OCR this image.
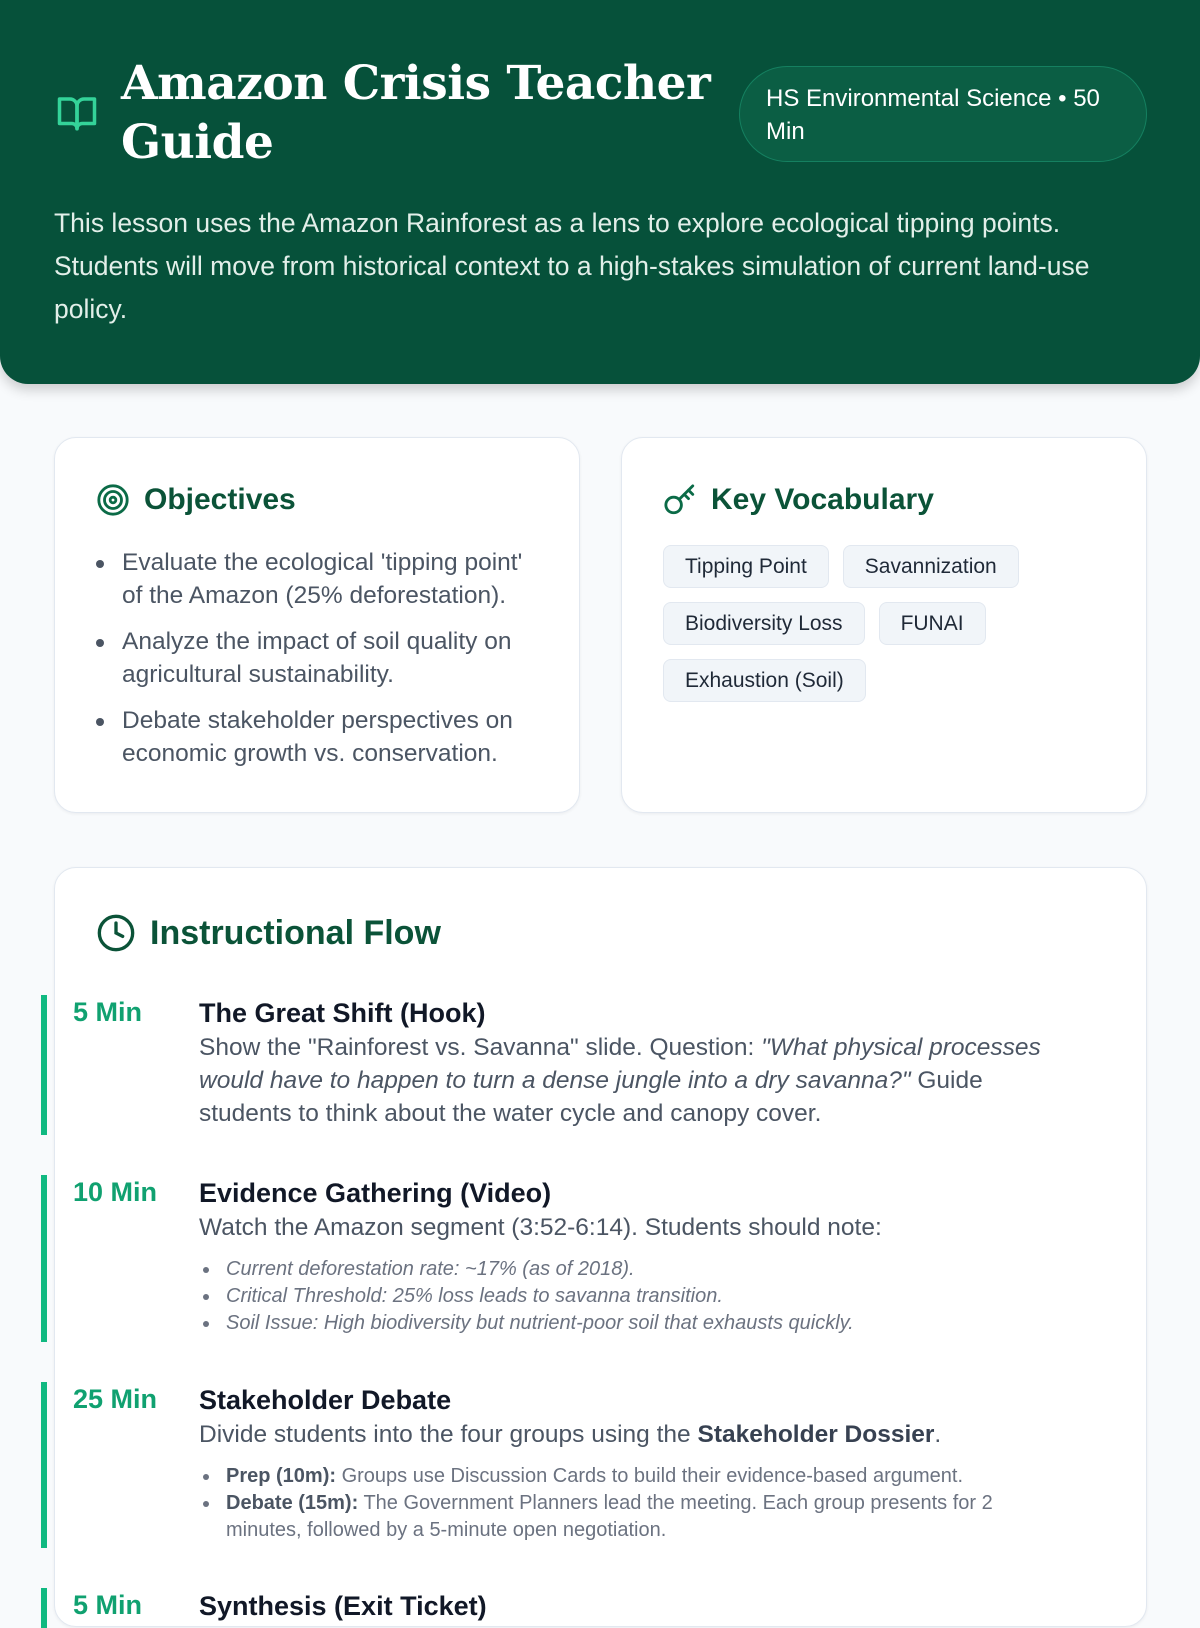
Amazon Crisis Teacher Guide
HS Environmental Science • 50 Min

This lesson uses the Amazon Rainforest as a lens to explore ecological tipping points. Students will move from historical context to a high-stakes simulation of current land-use policy.

Objectives
Evaluate the ecological 'tipping point' of the Amazon (25% deforestation).
Analyze the impact of soil quality on agricultural sustainability.
Debate stakeholder perspectives on economic growth vs. conservation.
Key Vocabulary
Tipping Point	Savannization
Biodiversity Loss	FUNAI
Exhaustion (Soil)
Instructional Flow
5 Min The Great Shift (Hook)

Show the "Rainforest vs. Savanna" slide. Question: "What physical processes would have to happen to turn a dense jungle into a dry savanna?" Guide students to think about the water cycle and canopy cover.

10 Min Evidence Gathering (Video)

Watch the Amazon segment (3:52-6:14). Students should note:

Current deforestation rate: ~17% (as of 2018).
Critical Threshold: 25% loss leads to savanna transition.
Soil Issue: High biodiversity but nutrient-poor soil that exhausts quickly.
25 Min Stakeholder Debate

Divide students into the four groups using the Stakeholder Dossier.

Prep (10m): Groups use Discussion Cards to build their evidence-based argument.
Debate (15m): The Government Planners lead the meeting. Each group presents for 2 minutes, followed by a 5-minute open negotiation.
5 Min Synthesis (Exit Ticket)
